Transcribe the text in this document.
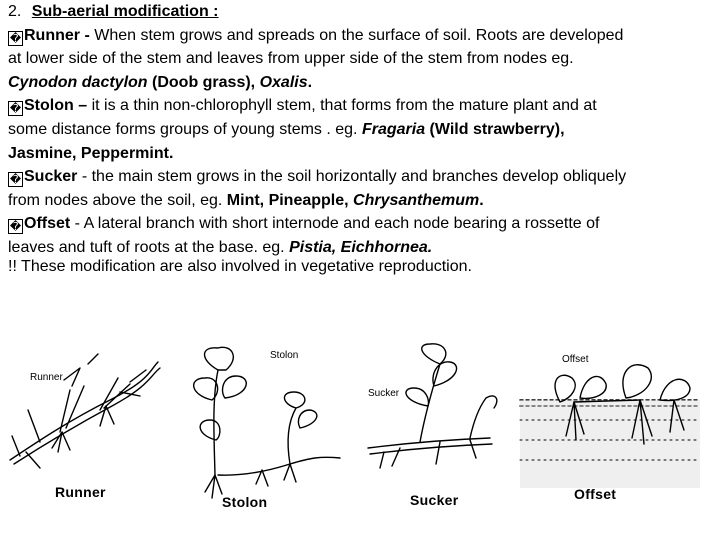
2. Sub-aerial modification :
� Runner - When stem grows and spreads on the surface of soil. Roots are developed
at lower side of the stem and leaves from upper side of the stem from nodes eg.
Cynodon dactylon (Doob grass), Oxalis.
� Stolon – it is a thin non-chlorophyll stem, that forms from the mature plant and at
some distance forms groups of young stems . eg. Fragaria (Wild strawberry),
Jasmine, Peppermint.
� Sucker - the main stem grows in the soil horizontally and branches develop obliquely
from nodes above the soil, eg. Mint, Pineapple, Chrysanthemum.
� Offset - A lateral branch with short internode and each node bearing a rossette of
leaves and tuft of roots at the base. eg. Pistia, Eichhornea.
!! These modification are also involved in vegetative reproduction.
Runner
Stolon
Sucker
Offset
Runner
Stolon	Sucker	Offset
